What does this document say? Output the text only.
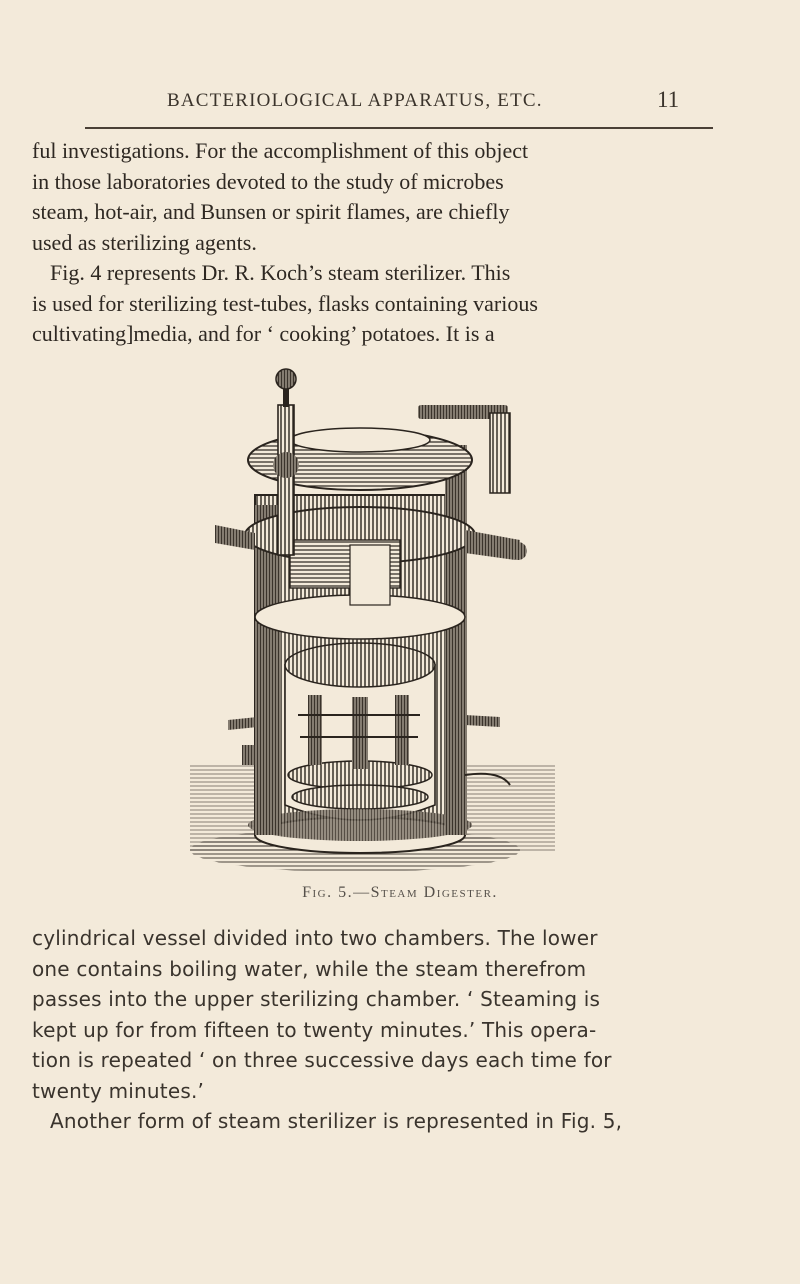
BACTERIOLOGICAL APPARATUS, ETC.	11

ful investigations. For the accomplishment of this object
in those laboratories devoted to the study of microbes
steam, hot-air, and Bunsen or spirit flames, are chiefly
used as sterilizing agents.
Fig. 4 represents Dr. R. Koch’s steam sterilizer. This
is used for sterilizing test-tubes, flasks containing various
cultivating]media, and for ‘ cooking’ potatoes. It is a

Fig. 5.—Steam Digester.

cylindrical vessel divided into two chambers. The lower
one contains boiling water, while the steam therefrom
passes into the upper sterilizing chamber. ‘ Steaming is
kept up for from fifteen to twenty minutes.’ This opera-
tion is repeated ‘ on three successive days each time for
twenty minutes.’
Another form of steam sterilizer is represented in Fig. 5,
